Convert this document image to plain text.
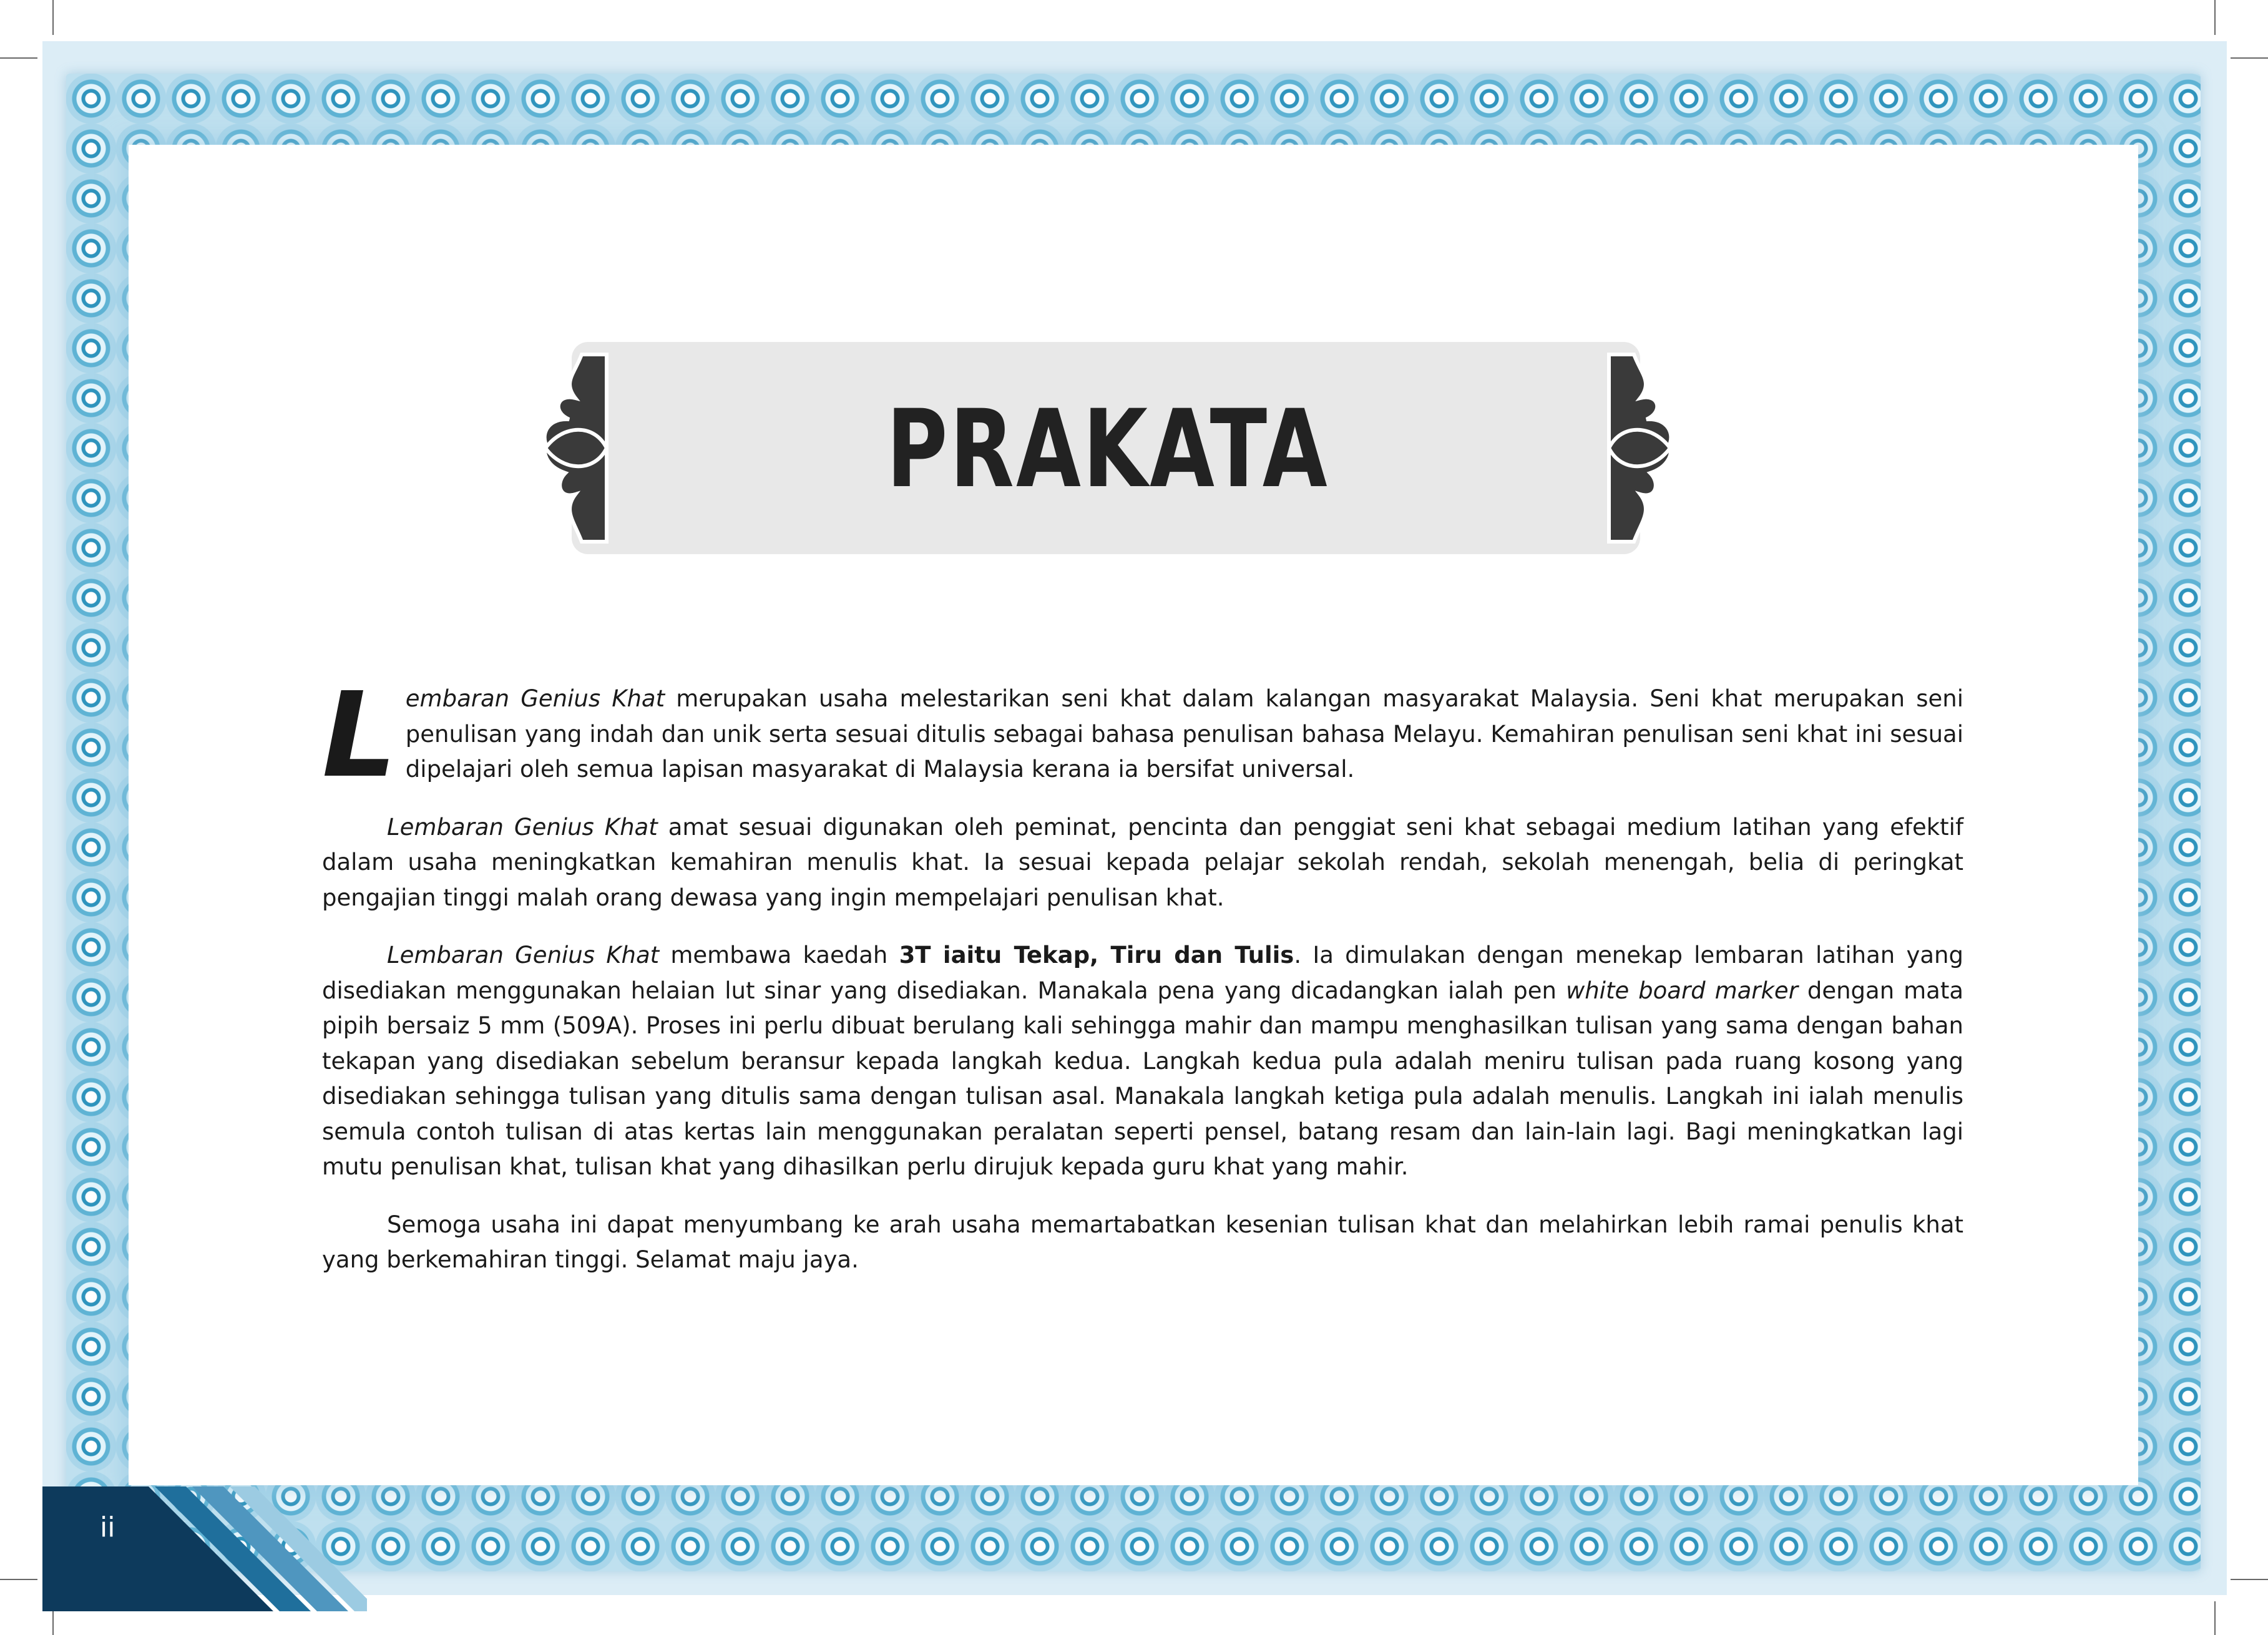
PRAKATA

Lembaran Genius Khat merupakan usaha melestarikan seni khat dalam kalangan masyarakat Malaysia. Seni khat merupakan seni penulisan yang indah dan unik serta sesuai ditulis sebagai bahasa penulisan bahasa Melayu. Kemahiran penulisan seni khat ini sesuai dipelajari oleh semua lapisan masyarakat di Malaysia kerana ia bersifat universal.

Lembaran Genius Khat amat sesuai digunakan oleh peminat, pencinta dan penggiat seni khat sebagai medium latihan yang efektif dalam usaha meningkatkan kemahiran menulis khat. Ia sesuai kepada pelajar sekolah rendah, sekolah menengah, belia di peringkat pengajian tinggi malah orang dewasa yang ingin mempelajari penulisan khat.

Lembaran Genius Khat membawa kaedah 3T iaitu Tekap, Tiru dan Tulis. Ia dimulakan dengan menekap lembaran latihan yang disediakan menggunakan helaian lut sinar yang disediakan. Manakala pena yang dicadangkan ialah pen white board marker dengan mata pipih bersaiz 5 mm (509A). Proses ini perlu dibuat berulang kali sehingga mahir dan mampu menghasilkan tulisan yang sama dengan bahan tekapan yang disediakan sebelum beransur kepada langkah kedua. Langkah kedua pula adalah meniru tulisan pada ruang kosong yang disediakan sehingga tulisan yang ditulis sama dengan tulisan asal. Manakala langkah ketiga pula adalah menulis. Langkah ini ialah menulis semula contoh tulisan di atas kertas lain menggunakan peralatan seperti pensel, batang resam dan lain-lain lagi. Bagi meningkatkan lagi mutu penulisan khat, tulisan khat yang dihasilkan perlu dirujuk kepada guru khat yang mahir.

Semoga usaha ini dapat menyumbang ke arah usaha memartabatkan kesenian tulisan khat dan melahirkan lebih ramai penulis khat yang berkemahiran tinggi. Selamat maju jaya.

ii
